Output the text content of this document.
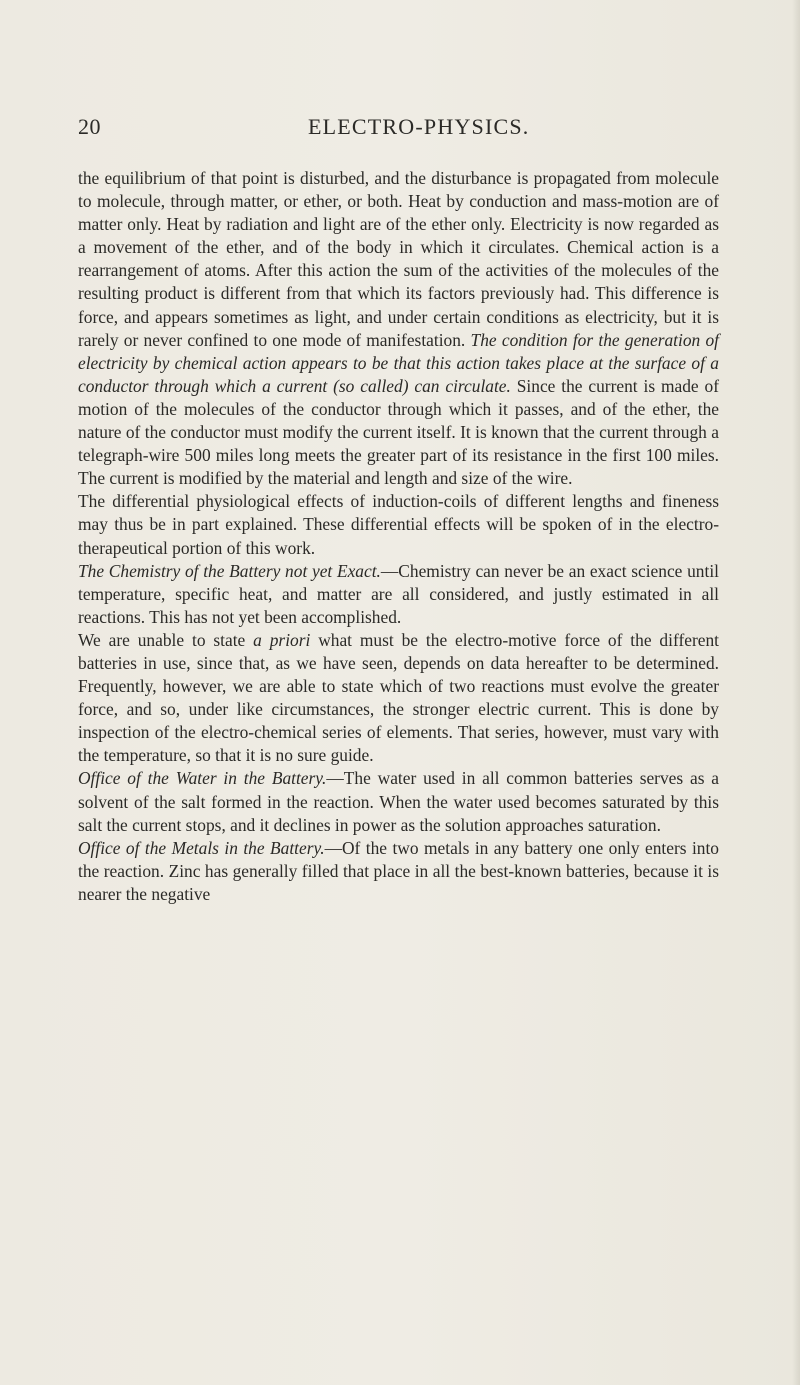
20	ELECTRO-PHYSICS.

the equilibrium of that point is disturbed, and the disturbance is propagated from molecule to molecule, through matter, or ether, or both. Heat by conduction and mass-motion are of matter only. Heat by radiation and light are of the ether only. Electricity is now regarded as a movement of the ether, and of the body in which it circulates. Chemical action is a rearrangement of atoms. After this action the sum of the activities of the molecules of the resulting product is different from that which its factors previously had. This difference is force, and appears sometimes as light, and under certain conditions as electricity, but it is rarely or never confined to one mode of manifestation. The condition for the generation of electricity by chemical action appears to be that this action takes place at the surface of a conductor through which a current (so called) can circulate. Since the current is made of motion of the molecules of the conductor through which it passes, and of the ether, the nature of the conductor must modify the current itself. It is known that the current through a telegraph-wire 500 miles long meets the greater part of its resistance in the first 100 miles. The current is modified by the material and length and size of the wire.

The differential physiological effects of induction-coils of different lengths and fineness may thus be in part explained. These differential effects will be spoken of in the electro-therapeutical portion of this work.

The Chemistry of the Battery not yet Exact.—Chemistry can never be an exact science until temperature, specific heat, and matter are all considered, and justly estimated in all reactions. This has not yet been accomplished.

We are unable to state a priori what must be the electro-motive force of the different batteries in use, since that, as we have seen, depends on data hereafter to be determined. Frequently, however, we are able to state which of two reactions must evolve the greater force, and so, under like circumstances, the stronger electric current. This is done by inspection of the electro-chemical series of elements. That series, however, must vary with the temperature, so that it is no sure guide.

Office of the Water in the Battery.—The water used in all common batteries serves as a solvent of the salt formed in the reaction. When the water used becomes saturated by this salt the current stops, and it declines in power as the solution approaches saturation.

Office of the Metals in the Battery.—Of the two metals in any battery one only enters into the reaction. Zinc has generally filled that place in all the best-known batteries, because it is nearer the negative
